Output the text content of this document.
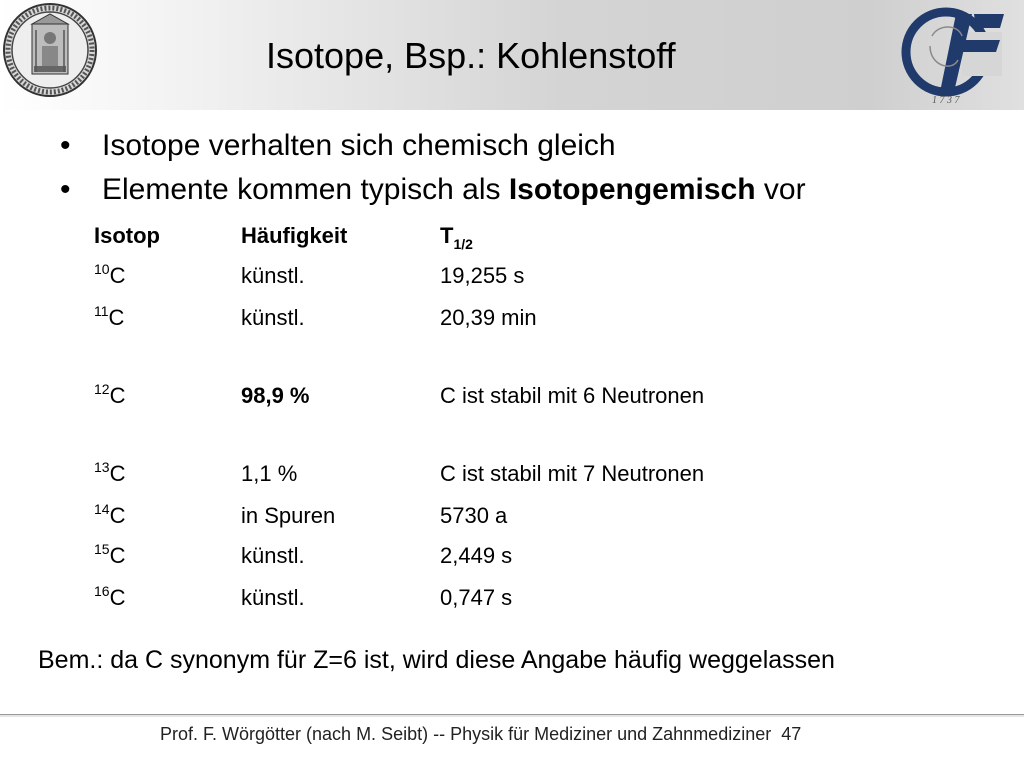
Isotope, Bsp.: Kohlenstoff
1 7 3 7
• Isotope verhalten sich chemisch gleich
• Elemente kommen typisch als Isotopengemisch vor
Isotop	Häufigkeit	$T_{1/2}$
$^{10}$C	künstl.	19,255 s
$^{11}$C	künstl.	20,39 min
$^{12}$C	98,9 %	C ist stabil mit 6 Neutronen
$^{13}$C	1,1 %	C ist stabil mit 7 Neutronen
$^{14}$C	in Spuren	5730 a
$^{15}$C	künstl.	2,449 s
$^{16}$C	künstl.	0,747 s
Bem.: da C synonym für Z=6 ist, wird diese Angabe häufig weggelassen
Prof. F. Wörgötter (nach M. Seibt) -- Physik für Mediziner und Zahnmediziner 47
